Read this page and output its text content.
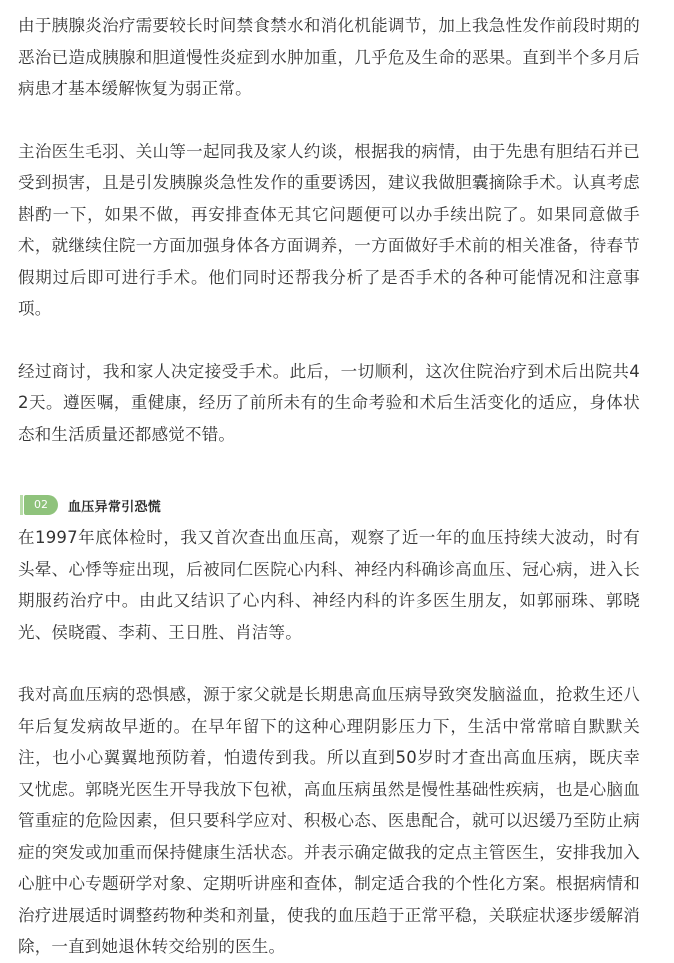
由于胰腺炎治疗需要较长时间禁食禁水和消化机能调节，加上我急性发作前段时期的恶治已造成胰腺和胆道慢性炎症到水肿加重，几乎危及生命的恶果。直到半个多月后病患才基本缓解恢复为弱正常。

主治医生毛羽、关山等一起同我及家人约谈，根据我的病情，由于先患有胆结石并已受到损害，且是引发胰腺炎急性发作的重要诱因，建议我做胆囊摘除手术。认真考虑斟酌一下，如果不做，再安排查体无其它问题便可以办手续出院了。如果同意做手术，就继续住院一方面加强身体各方面调养，一方面做好手术前的相关准备，待春节假期过后即可进行手术。他们同时还帮我分析了是否手术的各种可能情况和注意事项。

经过商讨，我和家人决定接受手术。此后，一切顺利，这次住院治疗到术后出院共42天。遵医嘱，重健康，经历了前所未有的生命考验和术后生活变化的适应，身体状态和生活质量还都感觉不错。

02	血压异常引恐慌

在1997年底体检时，我又首次查出血压高，观察了近一年的血压持续大波动，时有头晕、心悸等症出现，后被同仁医院心内科、神经内科确诊高血压、冠心病，进入长期服药治疗中。由此又结识了心内科、神经内科的许多医生朋友，如郭丽珠、郭晓光、侯晓霞、李莉、王日胜、肖洁等。

我对高血压病的恐惧感，源于家父就是长期患高血压病导致突发脑溢血，抢救生还八年后复发病故早逝的。在早年留下的这种心理阴影压力下，生活中常常暗自默默关注，也小心翼翼地预防着，怕遗传到我。所以直到50岁时才查出高血压病，既庆幸又忧虑。郭晓光医生开导我放下包袱，高血压病虽然是慢性基础性疾病，也是心脑血管重症的危险因素，但只要科学应对、积极心态、医患配合，就可以迟缓乃至防止病症的突发或加重而保持健康生活状态。并表示确定做我的定点主管医生，安排我加入心脏中心专题研学对象、定期听讲座和查体，制定适合我的个性化方案。根据病情和治疗进展适时调整药物种类和剂量，使我的血压趋于正常平稳，关联症状逐步缓解消除，一直到她退休转交给别的医生。
